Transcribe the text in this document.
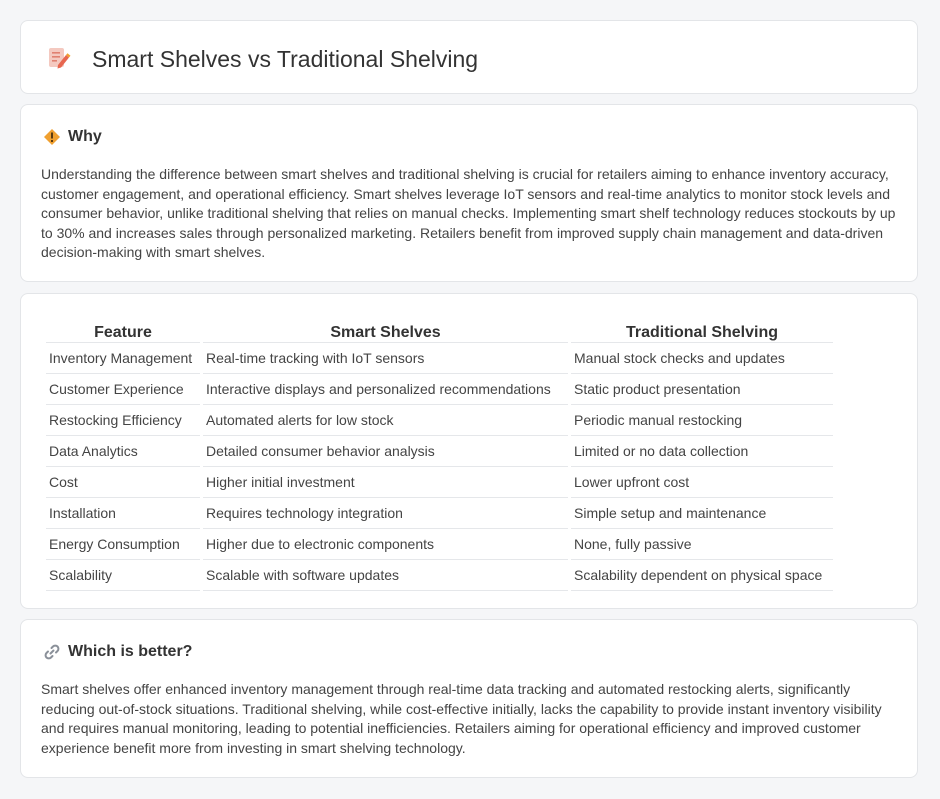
Smart Shelves vs Traditional Shelving
Why

Understanding the difference between smart shelves and traditional shelving is crucial for retailers aiming to enhance inventory accuracy, customer engagement, and operational efficiency. Smart shelves leverage IoT sensors and real-time analytics to monitor stock levels and consumer behavior, unlike traditional shelving that relies on manual checks. Implementing smart shelf technology reduces stockouts by up to 30% and increases sales through personalized marketing. Retailers benefit from improved supply chain management and data-driven decision-making with smart shelves.

Feature	Smart Shelves	Traditional Shelving
Inventory Management	Real-time tracking with IoT sensors	Manual stock checks and updates
Customer Experience	Interactive displays and personalized recommendations	Static product presentation
Restocking Efficiency	Automated alerts for low stock	Periodic manual restocking
Data Analytics	Detailed consumer behavior analysis	Limited or no data collection
Cost	Higher initial investment	Lower upfront cost
Installation	Requires technology integration	Simple setup and maintenance
Energy Consumption	Higher due to electronic components	None, fully passive
Scalability	Scalable with software updates	Scalability dependent on physical space
Which is better?

Smart shelves offer enhanced inventory management through real-time data tracking and automated restocking alerts, significantly reducing out-of-stock situations. Traditional shelving, while cost-effective initially, lacks the capability to provide instant inventory visibility and requires manual monitoring, leading to potential inefficiencies. Retailers aiming for operational efficiency and improved customer experience benefit more from investing in smart shelving technology.
